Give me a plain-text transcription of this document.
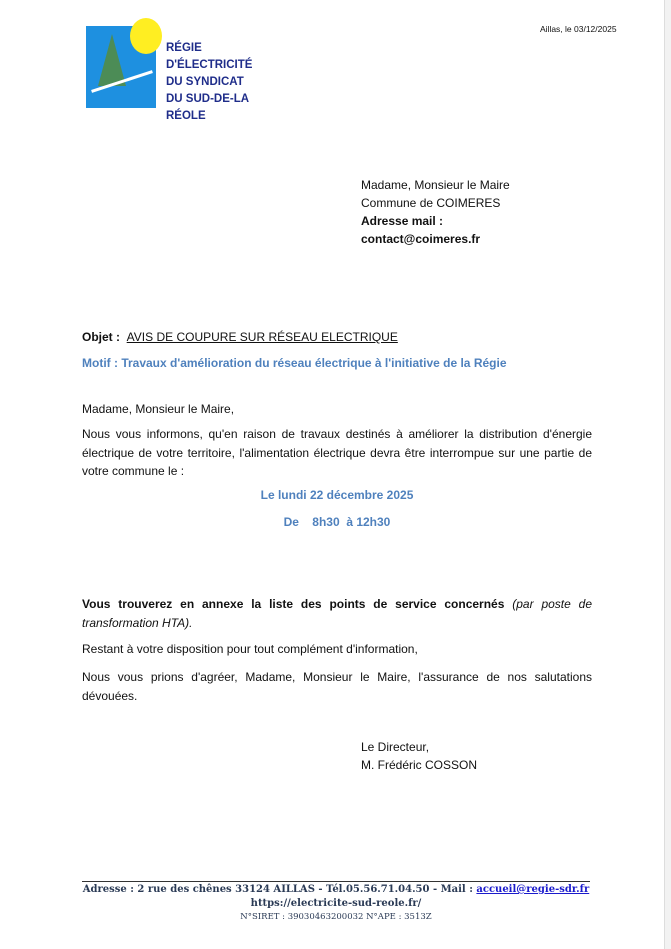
Aillas, le 03/12/2025
RÉGIE D'ÉLECTRICITÉ
DU SYNDICAT
DU SUD-DE-LA RÉOLE
Madame, Monsieur le Maire
Commune de COIMERES
Adresse mail :
contact@coimeres.fr
Objet : AVIS DE COUPURE SUR RÉSEAU ELECTRIQUE
Motif : Travaux d'amélioration du réseau électrique à l'initiative de la Régie
Madame, Monsieur le Maire,
Nous vous informons, qu'en raison de travaux destinés à améliorer la distribution d'énergie électrique de votre territoire, l'alimentation électrique devra être interrompue sur une partie de votre commune le :
Le lundi 22 décembre 2025
De    8h30  à 12h30
Vous trouverez en annexe la liste des points de service concernés (par poste de transformation HTA).
Restant à votre disposition pour tout complément d'information,
Nous vous prions d'agréer, Madame, Monsieur le Maire, l'assurance de nos salutations dévouées.
Le Directeur,
M. Frédéric COSSON
Adresse : 2 rue des chênes 33124 AILLAS - Tél.05.56.71.04.50 - Mail : accueil@regie-sdr.fr
https://electricite-sud-reole.fr/
N°SIRET : 39030463200032 N°APE : 3513Z
